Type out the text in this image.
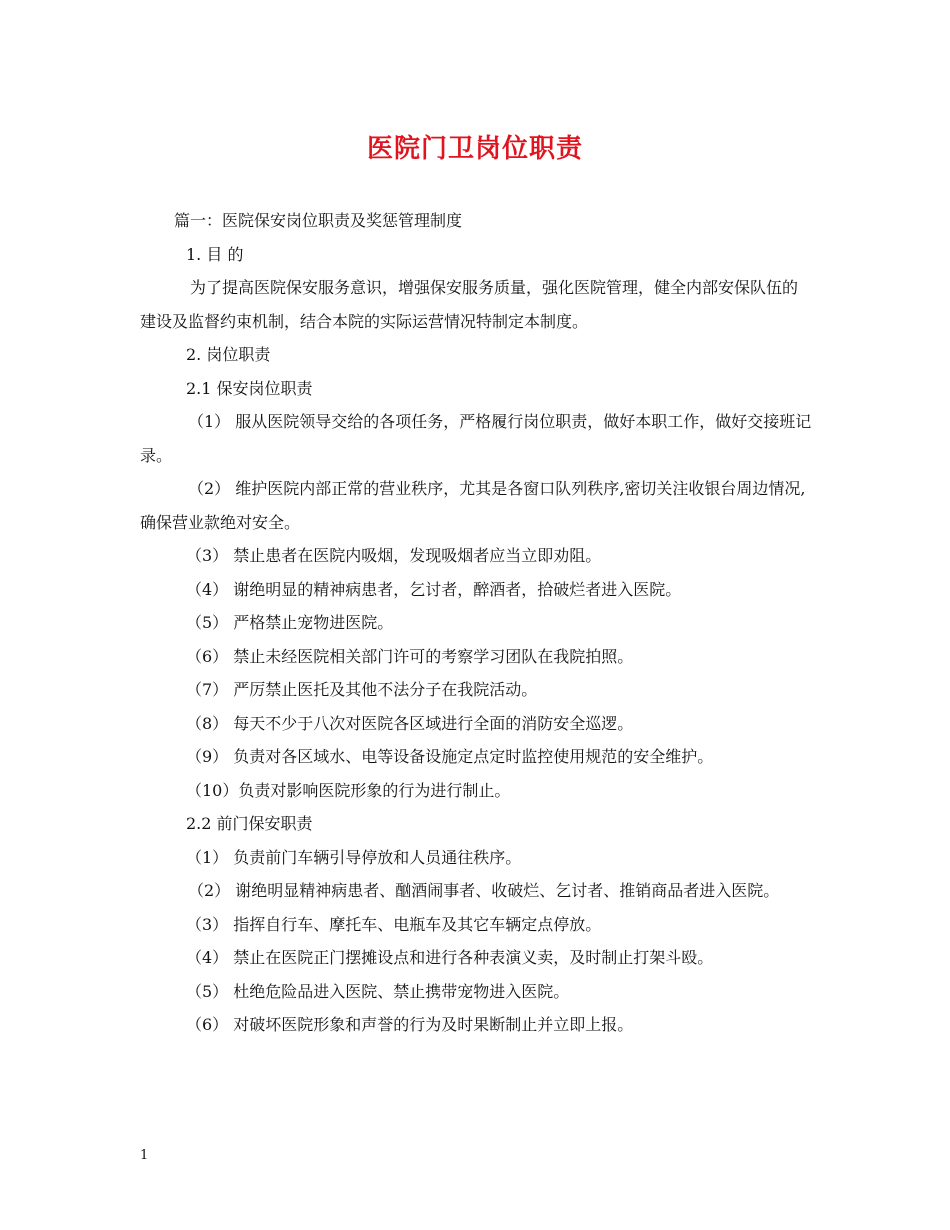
医院门卫岗位职责

篇一：医院保安岗位职责及奖惩管理制度

1. 目 的

为了提高医院保安服务意识，增强保安服务质量，强化医院管理，健全内部安保队伍的建设及监督约束机制，结合本院的实际运营情况特制定本制度。

2. 岗位职责

2.1 保安岗位职责

（1） 服从医院领导交给的各项任务，严格履行岗位职责，做好本职工作，做好交接班记录。

（2） 维护医院内部正常的营业秩序，尤其是各窗口队列秩序,密切关注收银台周边情况,确保营业款绝对安全。

（3） 禁止患者在医院内吸烟，发现吸烟者应当立即劝阻。

（4） 谢绝明显的精神病患者，乞讨者，醉酒者，拾破烂者进入医院。

（5） 严格禁止宠物进医院。

（6） 禁止未经医院相关部门许可的考察学习团队在我院拍照。

（7） 严厉禁止医托及其他不法分子在我院活动。

（8） 每天不少于八次对医院各区域进行全面的消防安全巡逻。

（9） 负责对各区域水、电等设备设施定点定时监控使用规范的安全维护。

（10）负责对影响医院形象的行为进行制止。

2.2 前门保安职责

（1） 负责前门车辆引导停放和人员通往秩序。

（2） 谢绝明显精神病患者、酗酒闹事者、收破烂、乞讨者、推销商品者进入医院。

（3） 指挥自行车、摩托车、电瓶车及其它车辆定点停放。

（4） 禁止在医院正门摆摊设点和进行各种表演义卖，及时制止打架斗殴。

（5） 杜绝危险品进入医院、禁止携带宠物进入医院。

（6） 对破坏医院形象和声誉的行为及时果断制止并立即上报。

1
